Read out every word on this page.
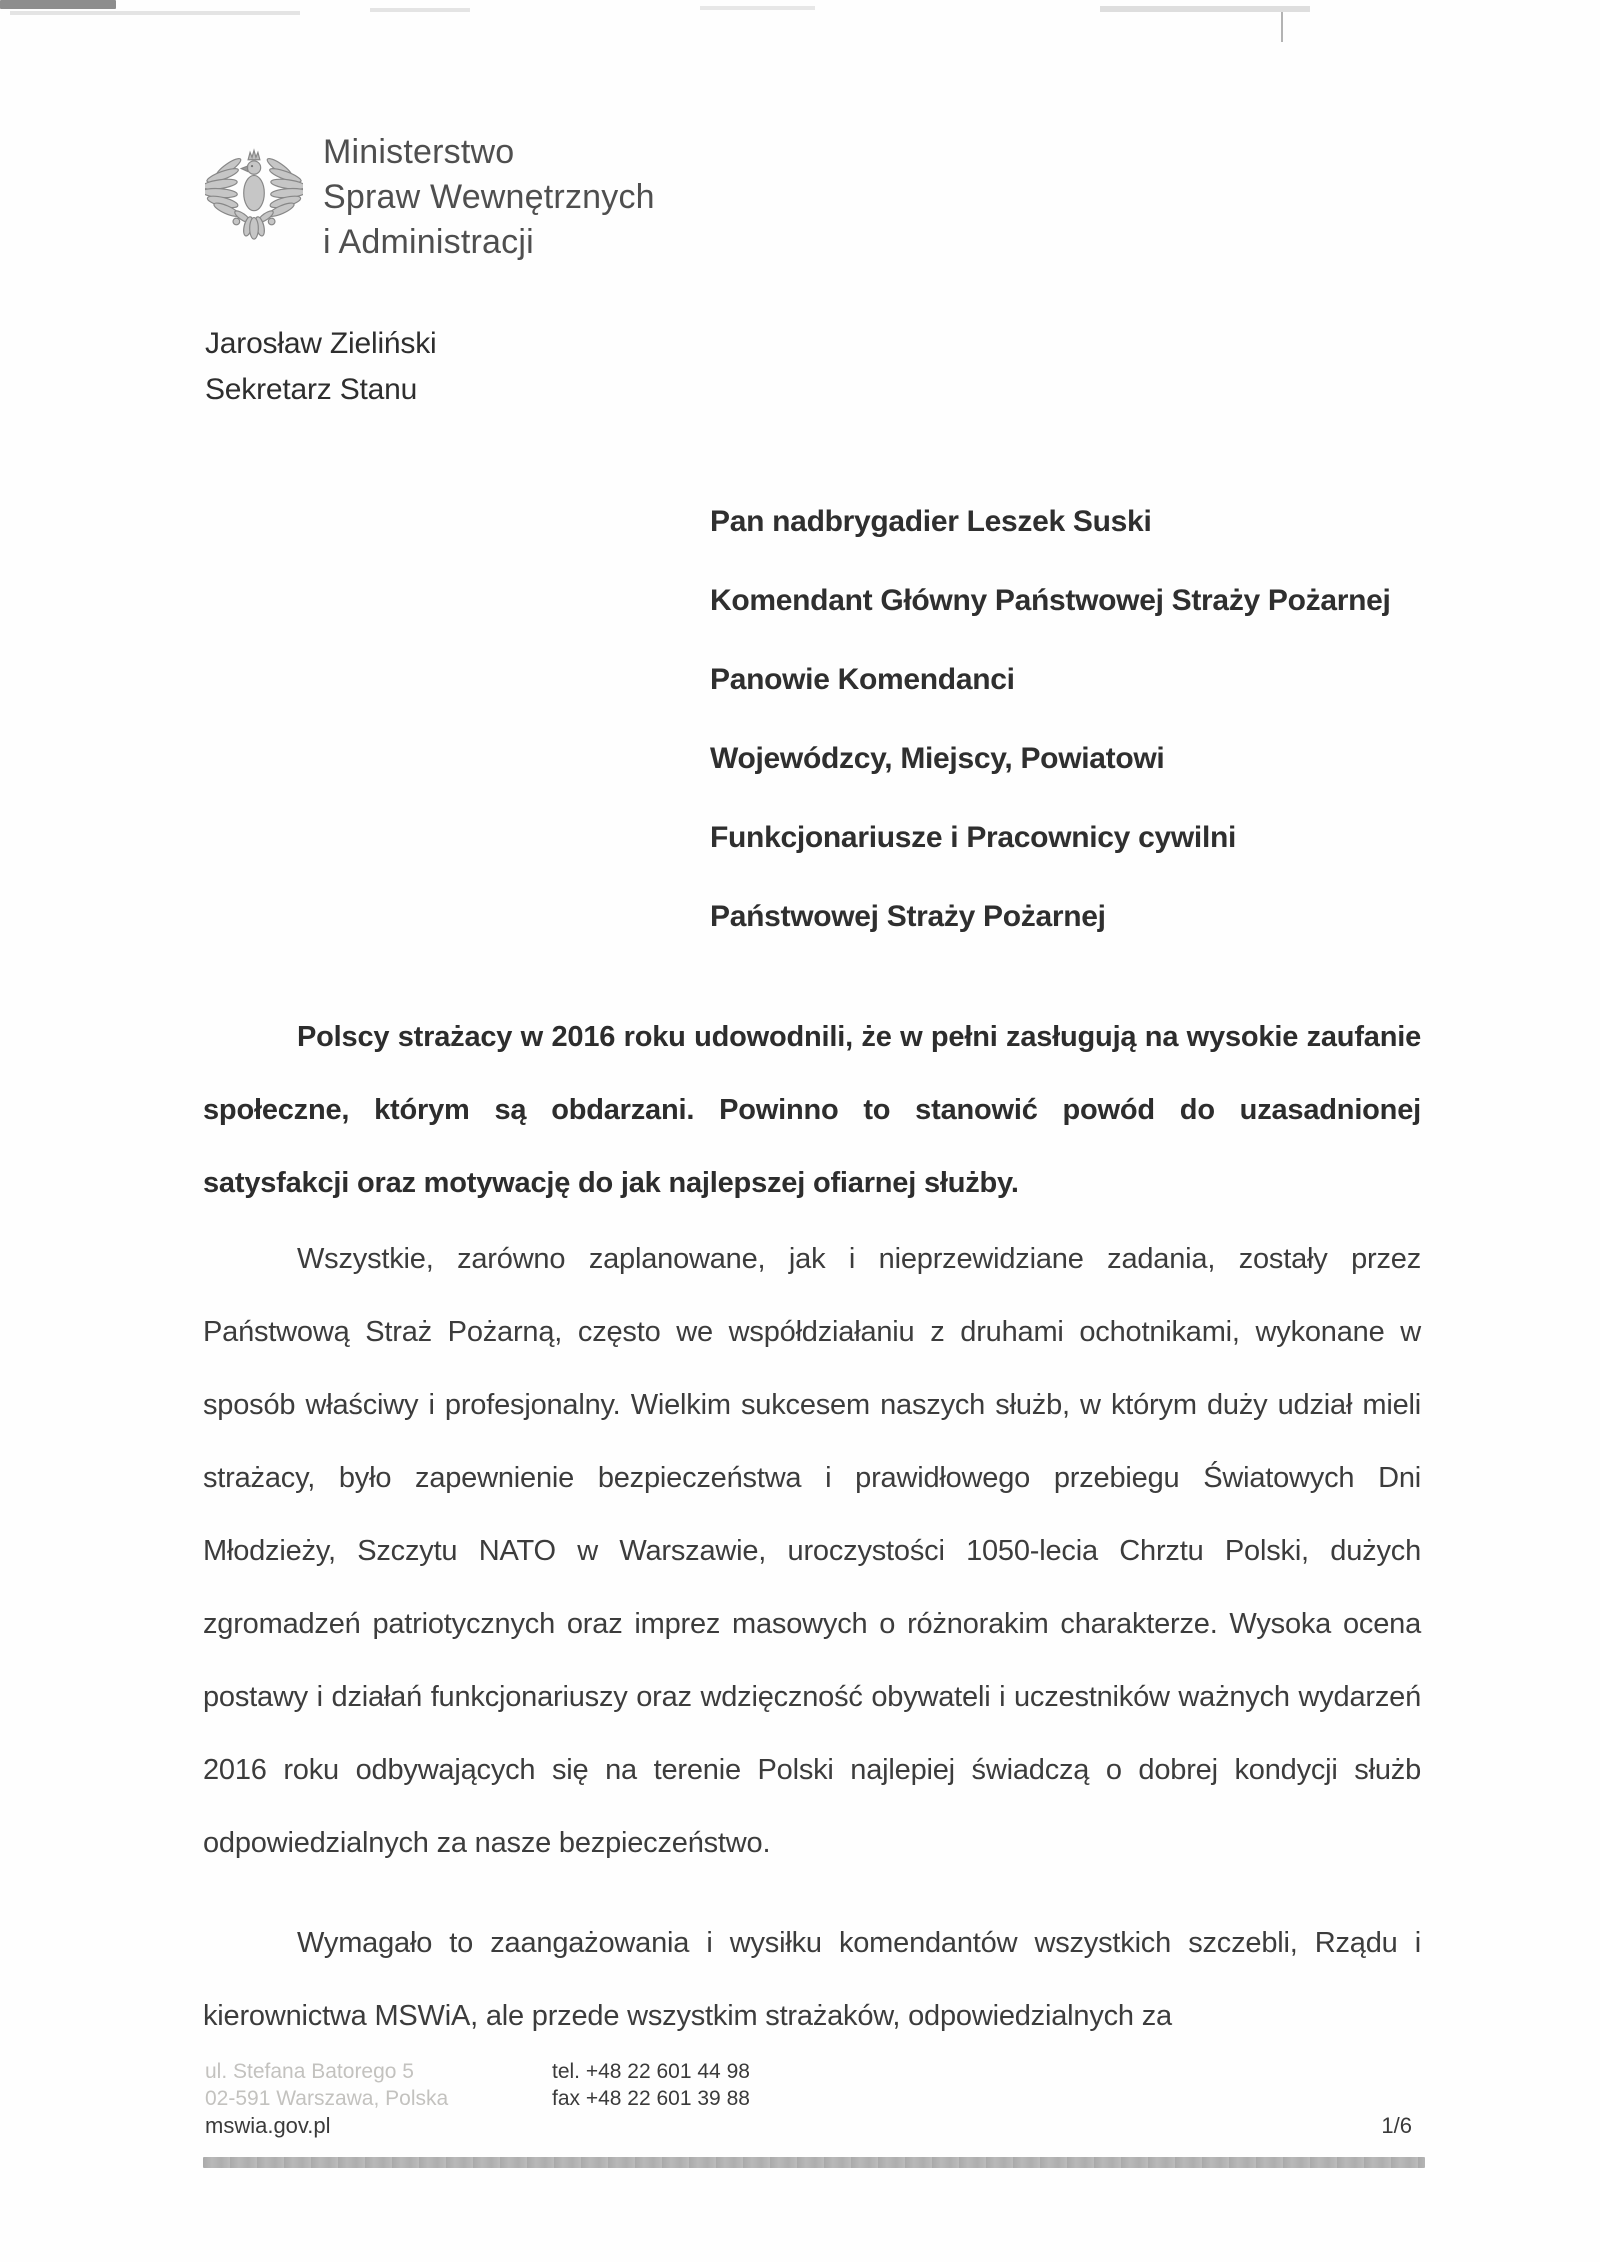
Ministerstwo
Spraw Wewnętrznych
i Administracji
Jarosław Zieliński
Sekretarz Stanu
Pan nadbrygadier Leszek Suski
Komendant Główny Państwowej Straży Pożarnej
Panowie Komendanci
Wojewódzcy, Miejscy, Powiatowi
Funkcjonariusze i Pracownicy cywilni
Państwowej Straży Pożarnej

Polscy strażacy w 2016 roku udowodnili, że w pełni zasługują na wysokie zaufanie społeczne, którym są obdarzani. Powinno to stanowić powód do uzasadnionej satysfakcji oraz motywację do jak najlepszej ofiarnej służby.

Wszystkie, zarówno zaplanowane, jak i nieprzewidziane zadania, zostały przez Państwową Straż Pożarną, często we współdziałaniu z druhami ochotnikami, wykonane w sposób właściwy i profesjonalny. Wielkim sukcesem naszych służb, w którym duży udział mieli strażacy, było zapewnienie bezpieczeństwa i prawidłowego przebiegu Światowych Dni Młodzieży, Szczytu NATO w Warszawie, uroczystości 1050-lecia Chrztu Polski, dużych zgromadzeń patriotycznych oraz imprez masowych o różnorakim charakterze. Wysoka ocena postawy i działań funkcjonariuszy oraz wdzięczność obywateli i uczestników ważnych wydarzeń 2016 roku odbywających się na terenie Polski najlepiej świadczą o dobrej kondycji służb odpowiedzialnych za nasze bezpieczeństwo.

Wymagało to zaangażowania i wysiłku komendantów wszystkich szczebli, Rządu i kierownictwa MSWiA, ale przede wszystkim strażaków, odpowiedzialnych za

ul. Stefana Batorego 5
02-591 Warszawa, Polska
mswia.gov.pl
tel. +48 22 601 44 98
fax +48 22 601 39 88
1/6
